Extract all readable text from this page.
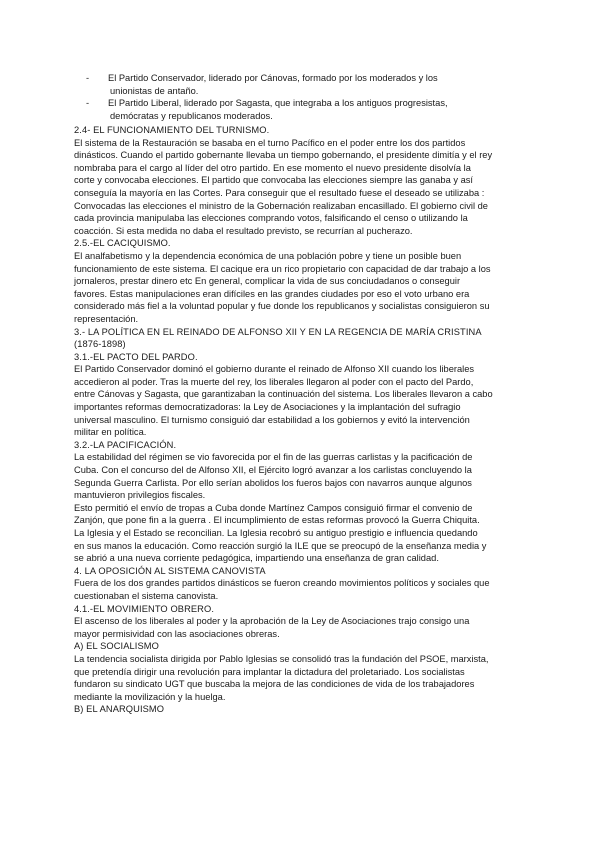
- El Partido Conservador, liderado por Cánovas, formado por los moderados y los
unionistas de antaño.
- El Partido Liberal, liderado por Sagasta, que integraba a los antiguos progresistas,
demócratas y republicanos moderados.

2.4- EL FUNCIONAMIENTO DEL TURNISMO.

El sistema de la Restauración se basaba en el turno Pacífico en el poder entre los dos partidos

dinásticos. Cuando el partido gobernante llevaba un tiempo gobernando, el presidente dimitía y el rey

nombraba para el cargo al líder del otro partido. En ese momento el nuevo presidente disolvía la

corte y convocaba elecciones. El partido que convocaba las elecciones siempre las ganaba y así

conseguía la mayoría en las Cortes. Para conseguir que el resultado fuese el deseado se utilizaba :

Convocadas las elecciones el ministro de la Gobernación realizaban encasillado. El gobierno civil de

cada provincia manipulaba las elecciones comprando votos, falsificando el censo o utilizando la

coacción. Si esta medida no daba el resultado previsto, se recurrían al pucherazo.

2.5.-EL CACIQUISMO.

El analfabetismo y la dependencia económica de una población pobre y tiene un posible buen

funcionamiento de este sistema. El cacique era un rico propietario con capacidad de dar trabajo a los

jornaleros, prestar dinero etc En general, complicar la vida de sus conciudadanos o conseguir

favores. Estas manipulaciones eran difíciles en las grandes ciudades por eso el voto urbano era

considerado más fiel a la voluntad popular y fue donde los republicanos y socialistas consiguieron su

representación.

3.- LA POLÍTICA EN EL REINADO DE ALFONSO XII Y EN LA REGENCIA DE MARÍA CRISTINA

(1876-1898)

3.1.-EL PACTO DEL PARDO.

El Partido Conservador dominó el gobierno durante el reinado de Alfonso XII cuando los liberales

accedieron al poder. Tras la muerte del rey, los liberales llegaron al poder con el pacto del Pardo,

entre Cánovas y Sagasta, que garantizaban la continuación del sistema. Los liberales llevaron a cabo

importantes reformas democratizadoras: la Ley de Asociaciones y la implantación del sufragio

universal masculino. El turnismo consiguió dar estabilidad a los gobiernos y evitó la intervención

militar en política.

3.2.-LA PACIFICACIÓN.

La estabilidad del régimen se vio favorecida por el fin de las guerras carlistas y la pacificación de

Cuba. Con el concurso del de Alfonso XII, el Ejército logró avanzar a los carlistas concluyendo la

Segunda Guerra Carlista. Por ello serían abolidos los fueros bajos con navarros aunque algunos

mantuvieron privilegios fiscales.

Esto permitió el envío de tropas a Cuba donde Martínez Campos consiguió firmar el convenio de

Zanjón, que pone fin a la guerra . El incumplimiento de estas reformas provocó la Guerra Chiquita.

La Iglesia y el Estado se reconcilian. La Iglesia recobró su antiguo prestigio e influencia quedando

en sus manos la educación. Como reacción surgió la ILE que se preocupó de la enseñanza media y

se abrió a una nueva corriente pedagógica, impartiendo una enseñanza de gran calidad.

4. LA OPOSICIÓN AL SISTEMA CANOVISTA

Fuera de los dos grandes partidos dinásticos se fueron creando movimientos políticos y sociales que

cuestionaban el sistema canovista.

4.1.-EL MOVIMIENTO OBRERO.

El ascenso de los liberales al poder y la aprobación de la Ley de Asociaciones trajo consigo una

mayor permisividad con las asociaciones obreras.

A) EL SOCIALISMO

La tendencia socialista dirigida por Pablo Iglesias se consolidó tras la fundación del PSOE, marxista,

que pretendía dirigir una revolución para implantar la dictadura del proletariado. Los socialistas

fundaron su sindicato UGT que buscaba la mejora de las condiciones de vida de los trabajadores

mediante la movilización y la huelga.

B) EL ANARQUISMO
